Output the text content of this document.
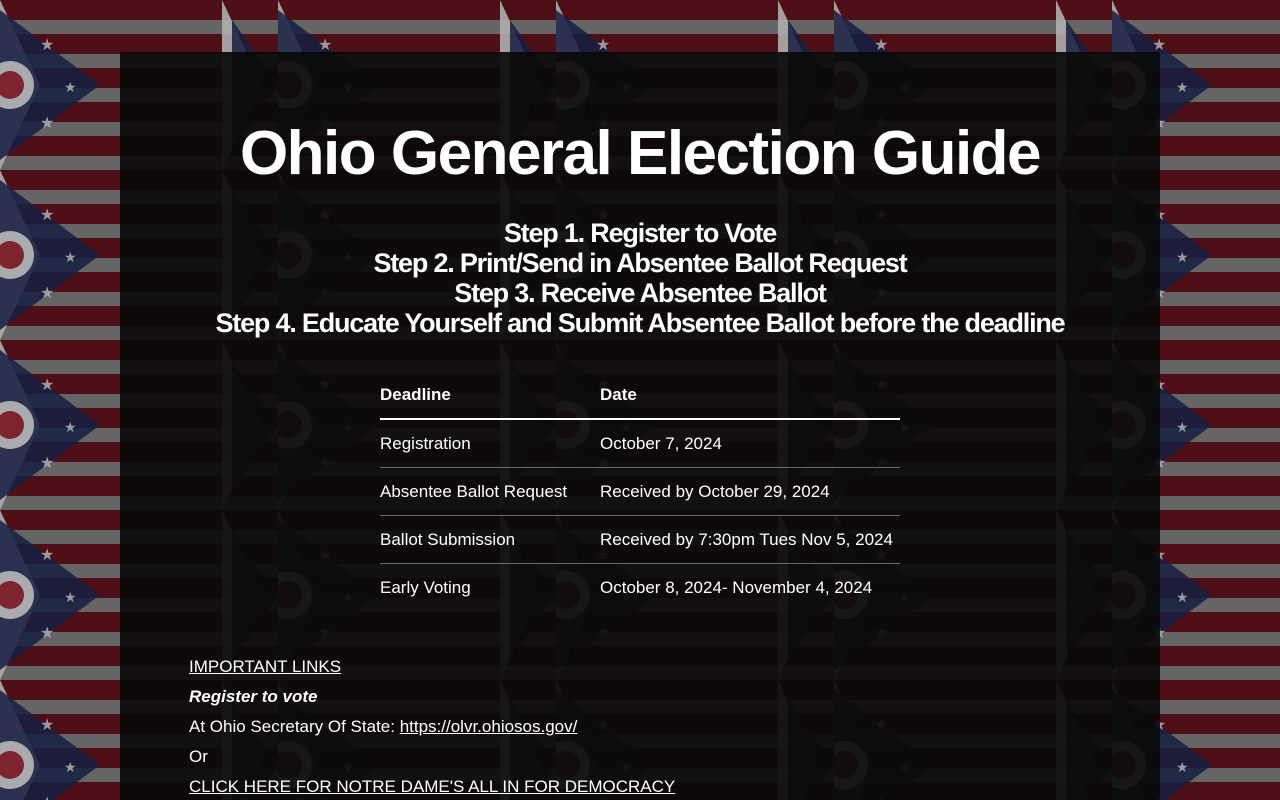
Ohio General Election Guide
Step 1. Register to Vote
Step 2. Print/Send in Absentee Ballot Request
Step 3. Receive Absentee Ballot
Step 4. Educate Yourself and Submit Absentee Ballot before the deadline
Deadline	Date
Registration	October 7, 2024
Absentee Ballot Request	Received by October 29, 2024
Ballot Submission	Received by 7:30pm Tues Nov 5, 2024
Early Voting	October 8, 2024- November 4, 2024
IMPORTANT LINKS
Register to vote
At Ohio Secretary Of State: https://olvr.ohiosos.gov/
Or
CLICK HERE FOR NOTRE DAME'S ALL IN FOR DEMOCRACY
